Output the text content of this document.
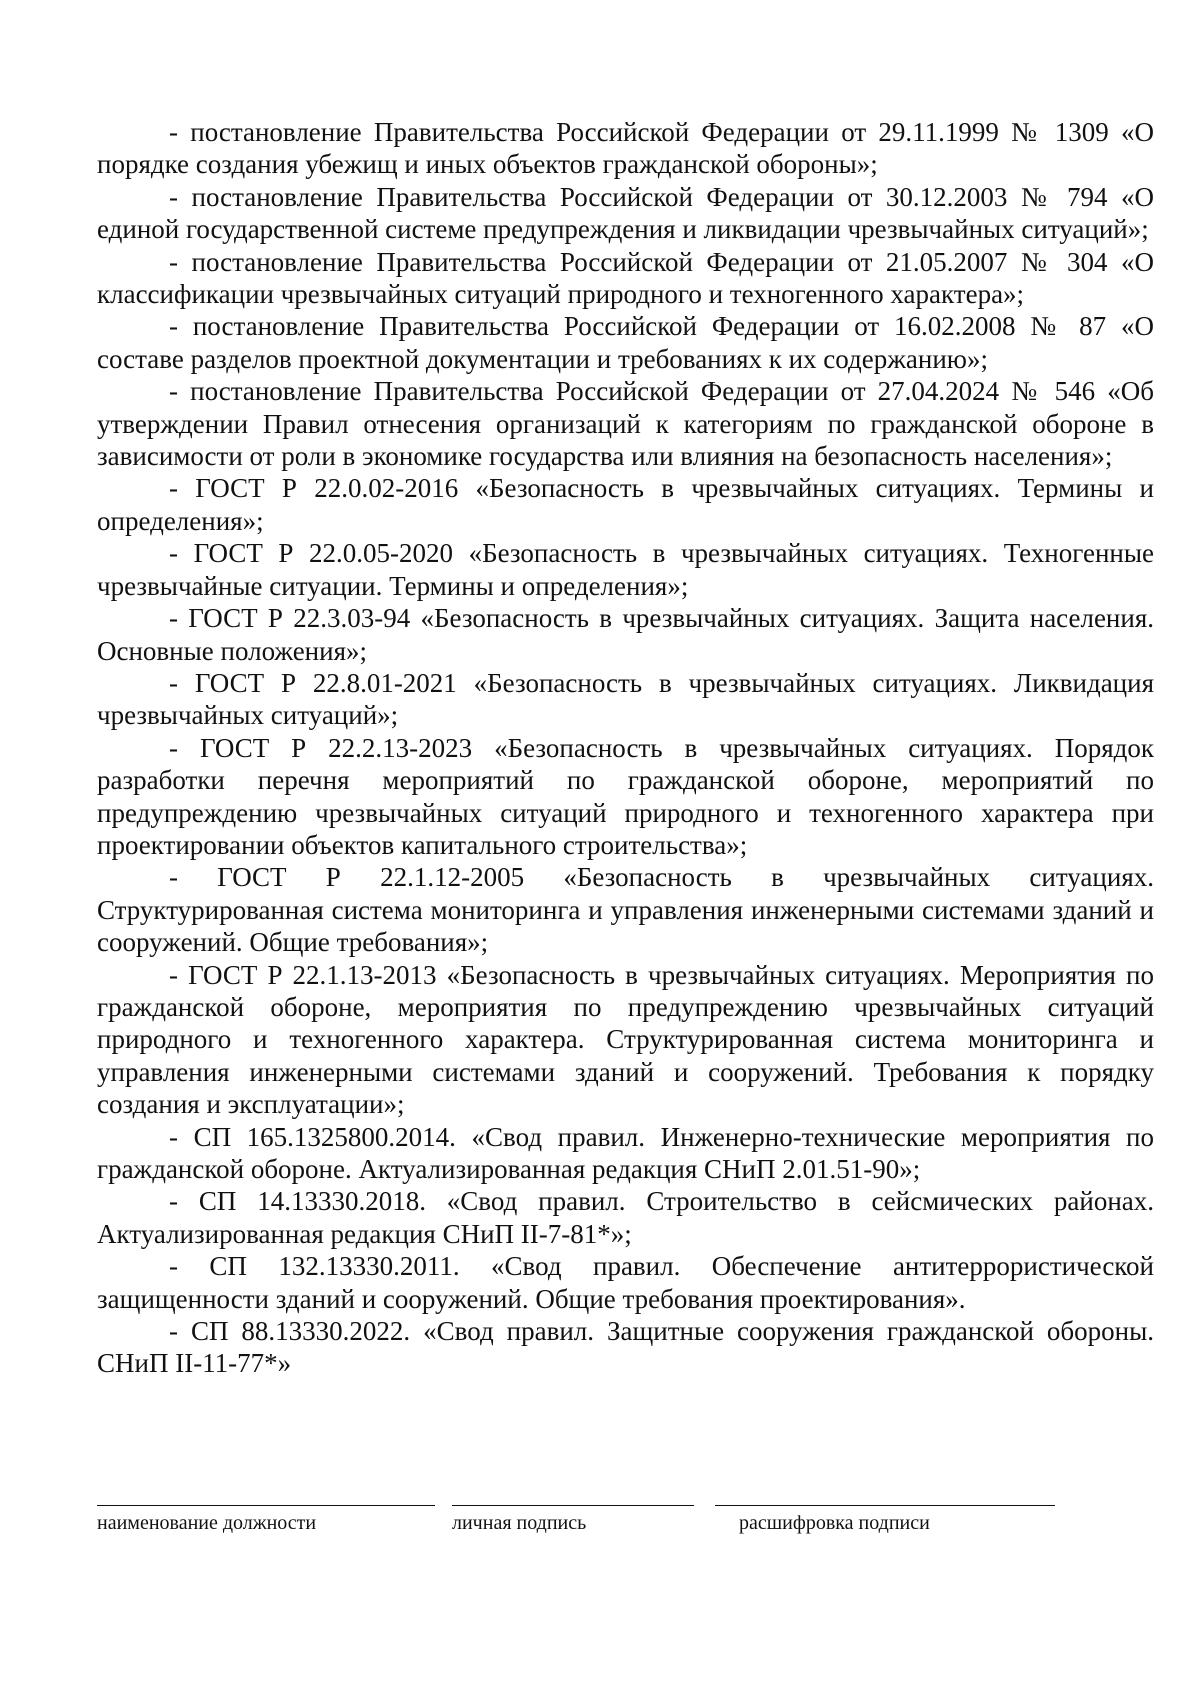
- постановление Правительства Российской Федерации от 29.11.1999 № 1309 «О порядке создания убежищ и иных объектов гражданской обороны»;

- постановление Правительства Российской Федерации от 30.12.2003 № 794 «О единой государственной системе предупреждения и ликвидации чрезвычайных ситуаций»;

- постановление Правительства Российской Федерации от 21.05.2007 № 304 «О классификации чрезвычайных ситуаций природного и техногенного характера»;

- постановление Правительства Российской Федерации от 16.02.2008 № 87 «О составе разделов проектной документации и требованиях к их содержанию»;

- постановление Правительства Российской Федерации от 27.04.2024 № 546 «Об утверждении Правил отнесения организаций к категориям по гражданской обороне в зависимости от роли в экономике государства или влияния на безопасность населения»;

- ГОСТ Р 22.0.02-2016 «Безопасность в чрезвычайных ситуациях. Термины и определения»;

- ГОСТ Р 22.0.05-2020 «Безопасность в чрезвычайных ситуациях. Техногенные чрезвычайные ситуации. Термины и определения»;

- ГОСТ Р 22.3.03-94 «Безопасность в чрезвычайных ситуациях. Защита населения. Основные положения»;

- ГОСТ Р 22.8.01-2021 «Безопасность в чрезвычайных ситуациях. Ликвидация чрезвычайных ситуаций»;

- ГОСТ Р 22.2.13-2023 «Безопасность в чрезвычайных ситуациях. Порядок разработки перечня мероприятий по гражданской обороне, мероприятий по предупреждению чрезвычайных ситуаций природного и техногенного характера при проектировании объектов капитального строительства»;

- ГОСТ Р 22.1.12-2005 «Безопасность в чрезвычайных ситуациях. Структурированная система мониторинга и управления инженерными системами зданий и сооружений. Общие требования»;

- ГОСТ Р 22.1.13-2013 «Безопасность в чрезвычайных ситуациях. Мероприятия по гражданской обороне, мероприятия по предупреждению чрезвычайных ситуаций природного и техногенного характера. Структурированная система мониторинга и управления инженерными системами зданий и сооружений. Требования к порядку создания и эксплуатации»;

- СП 165.1325800.2014. «Свод правил. Инженерно-технические мероприятия по гражданской обороне. Актуализированная редакция СНиП 2.01.51-90»;

- СП 14.13330.2018. «Свод правил. Строительство в сейсмических районах. Актуализированная редакция СНиП II-7-81*»;

- СП 132.13330.2011. «Свод правил. Обеспечение антитеррористической защищенности зданий и сооружений. Общие требования проектирования».

- СП 88.13330.2022. «Свод правил. Защитные сооружения гражданской обороны. СНиП II-11-77*»

наименование должности	личная подпись	расшифровка подписи
